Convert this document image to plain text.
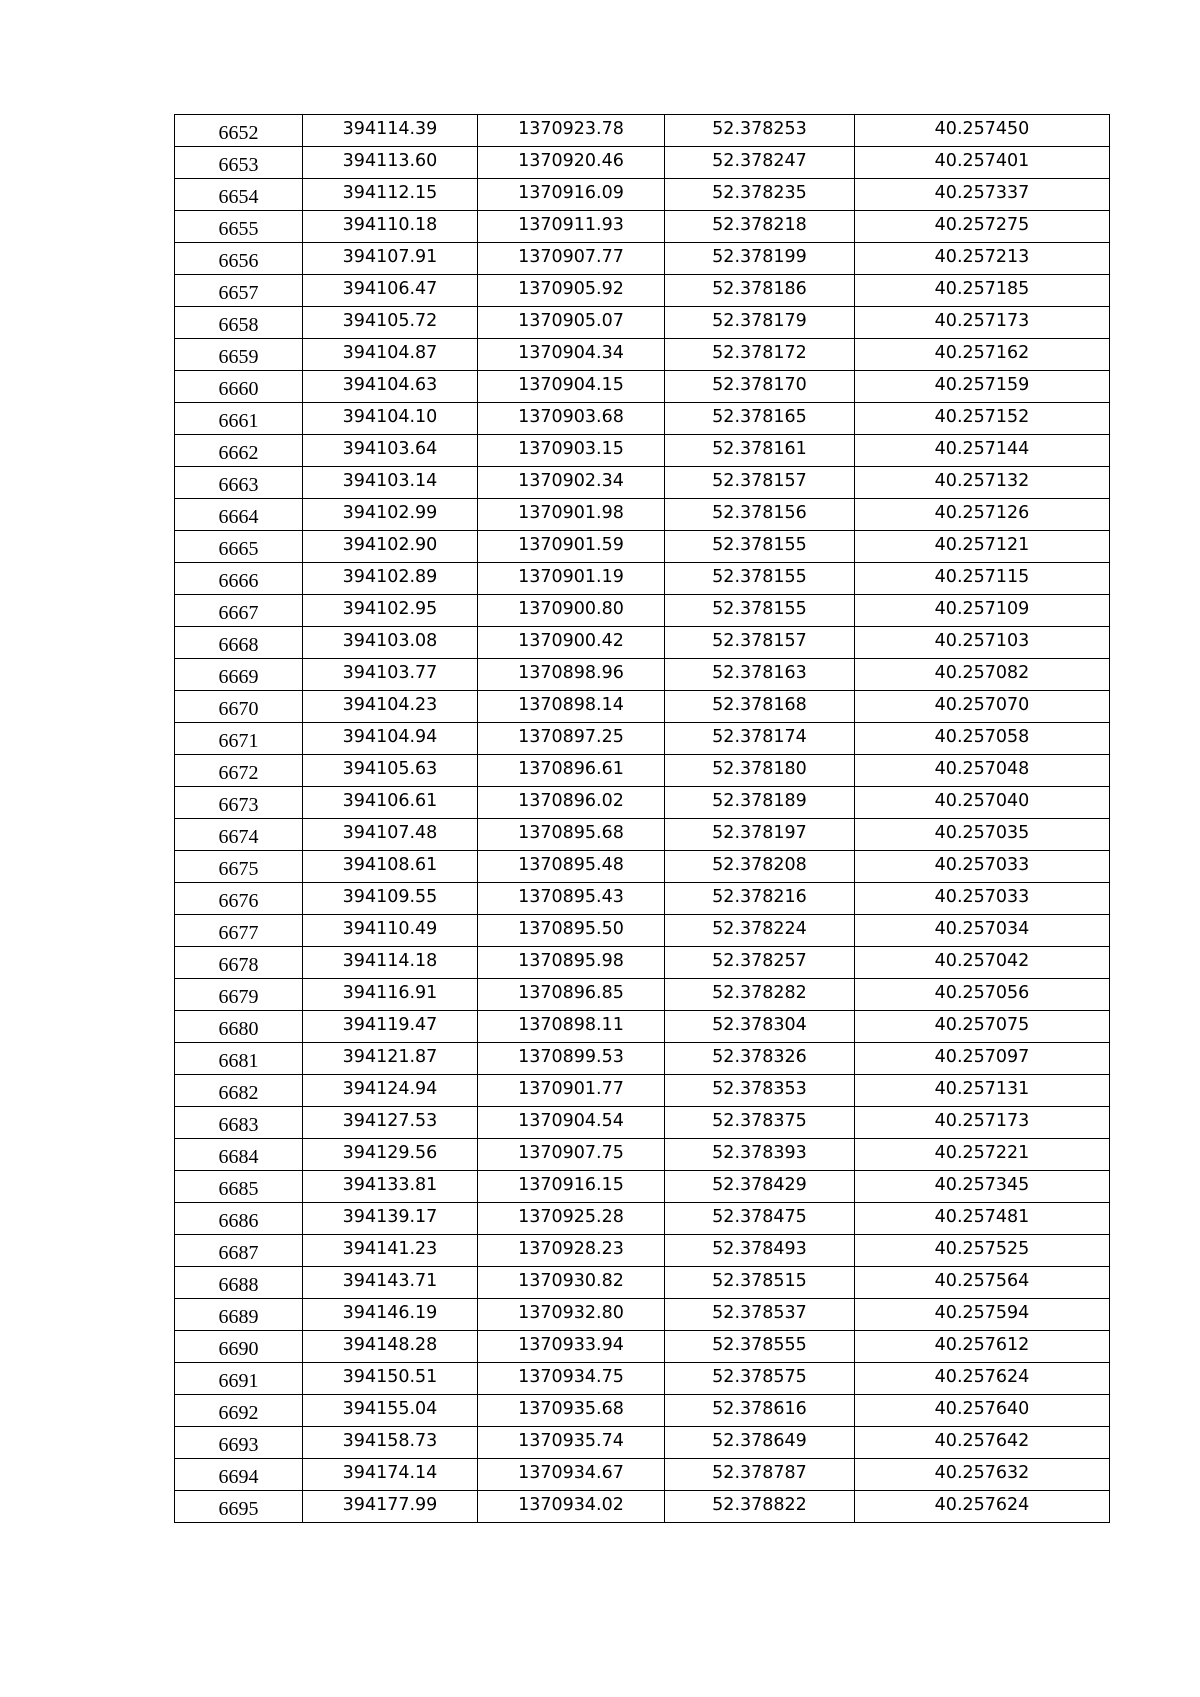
6652	394114.39	1370923.78	52.378253	40.257450
6653	394113.60	1370920.46	52.378247	40.257401
6654	394112.15	1370916.09	52.378235	40.257337
6655	394110.18	1370911.93	52.378218	40.257275
6656	394107.91	1370907.77	52.378199	40.257213
6657	394106.47	1370905.92	52.378186	40.257185
6658	394105.72	1370905.07	52.378179	40.257173
6659	394104.87	1370904.34	52.378172	40.257162
6660	394104.63	1370904.15	52.378170	40.257159
6661	394104.10	1370903.68	52.378165	40.257152
6662	394103.64	1370903.15	52.378161	40.257144
6663	394103.14	1370902.34	52.378157	40.257132
6664	394102.99	1370901.98	52.378156	40.257126
6665	394102.90	1370901.59	52.378155	40.257121
6666	394102.89	1370901.19	52.378155	40.257115
6667	394102.95	1370900.80	52.378155	40.257109
6668	394103.08	1370900.42	52.378157	40.257103
6669	394103.77	1370898.96	52.378163	40.257082
6670	394104.23	1370898.14	52.378168	40.257070
6671	394104.94	1370897.25	52.378174	40.257058
6672	394105.63	1370896.61	52.378180	40.257048
6673	394106.61	1370896.02	52.378189	40.257040
6674	394107.48	1370895.68	52.378197	40.257035
6675	394108.61	1370895.48	52.378208	40.257033
6676	394109.55	1370895.43	52.378216	40.257033
6677	394110.49	1370895.50	52.378224	40.257034
6678	394114.18	1370895.98	52.378257	40.257042
6679	394116.91	1370896.85	52.378282	40.257056
6680	394119.47	1370898.11	52.378304	40.257075
6681	394121.87	1370899.53	52.378326	40.257097
6682	394124.94	1370901.77	52.378353	40.257131
6683	394127.53	1370904.54	52.378375	40.257173
6684	394129.56	1370907.75	52.378393	40.257221
6685	394133.81	1370916.15	52.378429	40.257345
6686	394139.17	1370925.28	52.378475	40.257481
6687	394141.23	1370928.23	52.378493	40.257525
6688	394143.71	1370930.82	52.378515	40.257564
6689	394146.19	1370932.80	52.378537	40.257594
6690	394148.28	1370933.94	52.378555	40.257612
6691	394150.51	1370934.75	52.378575	40.257624
6692	394155.04	1370935.68	52.378616	40.257640
6693	394158.73	1370935.74	52.378649	40.257642
6694	394174.14	1370934.67	52.378787	40.257632
6695	394177.99	1370934.02	52.378822	40.257624
